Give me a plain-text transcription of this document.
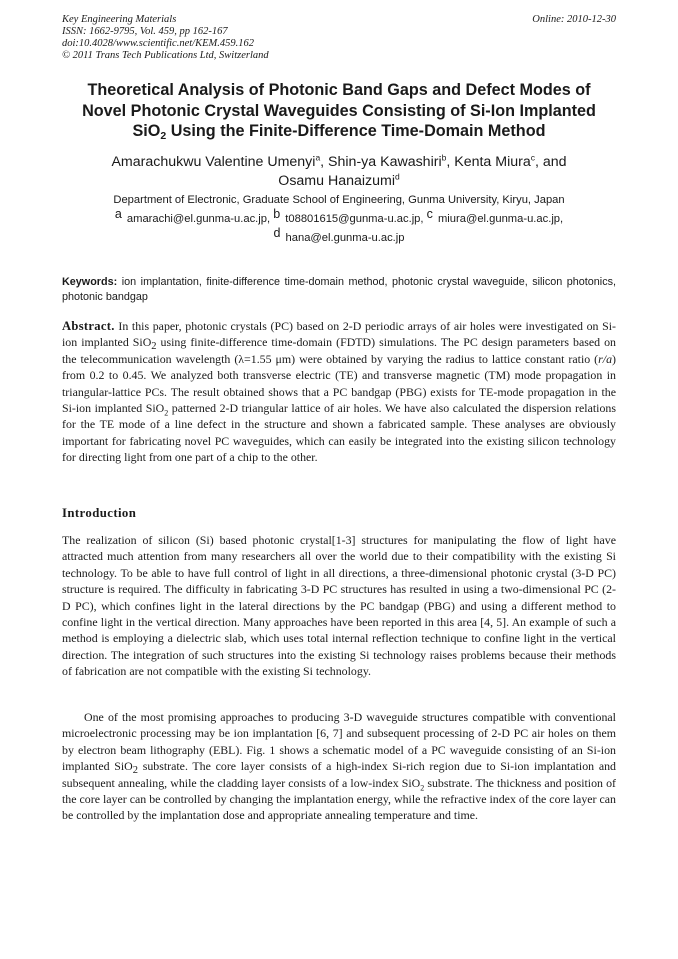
Key Engineering Materials
ISSN: 1662-9795, Vol. 459, pp 162-167
doi:10.4028/www.scientific.net/KEM.459.162
© 2011 Trans Tech Publications Ltd, Switzerland
Online: 2010-12-30
Theoretical Analysis of Photonic Band Gaps and Defect Modes of
Novel Photonic Crystal Waveguides Consisting of Si-Ion Implanted
SiO2 Using the Finite-Difference Time-Domain Method
Amarachukwu Valentine Umenyi$^a$, Shin-ya Kawashiri$^b$, Kenta Miura$^c$, and
Osamu Hanaizumi$^d$
Department of Electronic, Graduate School of Engineering, Gunma University, Kiryu, Japan
a amarachi@el.gunma-u.ac.jp, b t08801615@gunma-u.ac.jp, c miura@el.gunma-u.ac.jp,
d hana@el.gunma-u.ac.jp
Keywords: ion implantation, finite-difference time-domain method, photonic crystal waveguide, silicon photonics, photonic bandgap

Abstract. In this paper, photonic crystals (PC) based on 2-D periodic arrays of air holes were investigated on Si-ion implanted SiO2 using finite-difference time-domain (FDTD) simulations. The PC design parameters based on the telecommunication wavelength (λ=1.55 μm) were obtained by varying the radius to lattice constant ratio (r/a) from 0.2 to 0.45. We analyzed both transverse electric (TE) and transverse magnetic (TM) mode propagation in triangular-lattice PCs. The result obtained shows that a PC bandgap (PBG) exists for TE-mode propagation in the Si-ion implanted SiO$_2$ patterned 2-D triangular lattice of air holes. We have also calculated the dispersion relations for the TE mode of a line defect in the structure and shown a fabricated sample. These analyses are obviously important for fabricating novel PC waveguides, which can easily be integrated into the existing silicon technology for directing light from one part of a chip to the other.

Introduction

The realization of silicon (Si) based photonic crystal[1-3] structures for manipulating the flow of light have attracted much attention from many researchers all over the world due to their compatibility with the existing Si technology. To be able to have full control of light in all directions, a three-dimensional photonic crystal (3-D PC) structure is required. The difficulty in fabricating 3-D PC structures has resulted in using a two-dimensional PC (2-D PC), which confines light in the lateral directions by the PC bandgap (PBG) and using a different method to confine light in the vertical direction. Many approaches have been reported in this area [4, 5]. An example of such a method is employing a dielectric slab, which uses total internal reflection technique to confine light in the vertical direction. The integration of such structures into the existing Si technology raises problems because their methods of fabrication are not compatible with the existing Si technology.

One of the most promising approaches to producing 3-D waveguide structures compatible with conventional microelectronic processing may be ion implantation [6, 7] and subsequent processing of 2-D PC air holes on them by electron beam lithography (EBL). Fig. 1 shows a schematic model of a PC waveguide consisting of an Si-ion implanted SiO2 substrate. The core layer consists of a high-index Si-rich region due to Si-ion implantation and subsequent annealing, while the cladding layer consists of a low-index SiO$_2$ substrate. The thickness and position of the core layer can be controlled by changing the implantation energy, while the refractive index of the core layer can be controlled by the implantation dose and appropriate annealing temperature and time.
